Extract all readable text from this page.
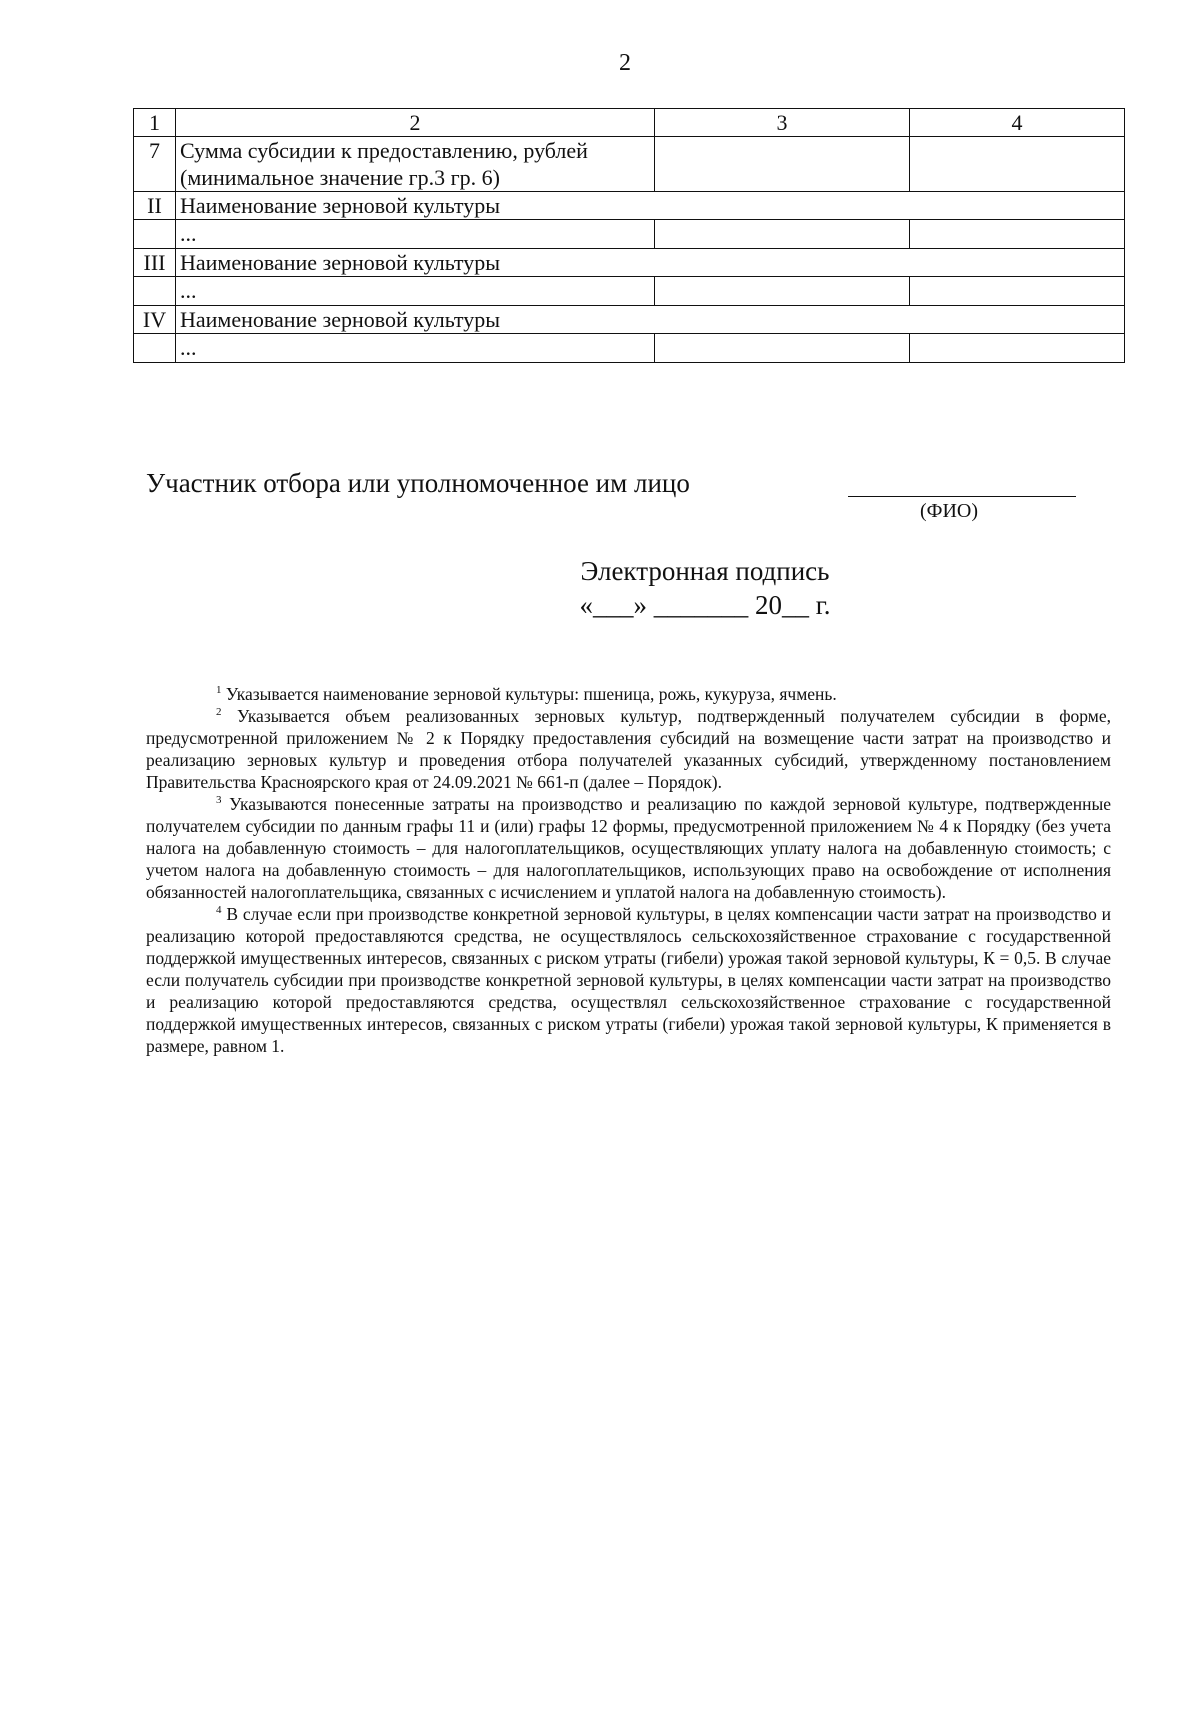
2
1	2	3	4
7	Сумма субсидии к предоставлению, рублей
(минимальное значение гр.3 гр. 6)		
II	Наименование зерновой культуры		
	...		
III	Наименование зерновой культуры		
	...		
IV	Наименование зерновой культуры		
	...		
Участник отбора или уполномоченное им лицо
(ФИО)
Электронная подпись
«___» _______ 20__ г.

$^1$ Указывается наименование зерновой культуры: пшеница, рожь, кукуруза, ячмень.

$^2$ Указывается объем реализованных зерновых культур, подтвержденный получателем субсидии в форме, предусмотренной приложением № 2 к Порядку предоставления субсидий на возмещение части затрат на производство и реализацию зерновых культур и проведения отбора получателей указанных субсидий, утвержденному постановлением Правительства Красноярского края от 24.09.2021 № 661-п (далее – Порядок).

$^3$ Указываются понесенные затраты на производство и реализацию по каждой зерновой культуре, подтвержденные получателем субсидии по данным графы 11 и (или) графы 12 формы, предусмотренной приложением № 4 к Порядку (без учета налога на добавленную стоимость – для налогоплательщиков, осуществляющих уплату налога на добавленную стоимость; с учетом налога на добавленную стоимость – для налогоплательщиков, использующих право на освобождение от исполнения обязанностей налогоплательщика, связанных с исчислением и уплатой налога на добавленную стоимость).

$^4$ В случае если при производстве конкретной зерновой культуры, в целях компенсации части затрат на производство и реализацию которой предоставляются средства, не осуществлялось сельскохозяйственное страхование с государственной поддержкой имущественных интересов, связанных с риском утраты (гибели) урожая такой зерновой культуры, К = 0,5. В случае если получатель субсидии при производстве конкретной зерновой культуры, в целях компенсации части затрат на производство и реализацию которой предоставляются средства, осуществлял сельскохозяйственное страхование с государственной поддержкой имущественных интересов, связанных с риском утраты (гибели) урожая такой зерновой культуры, К применяется в размере, равном 1.
